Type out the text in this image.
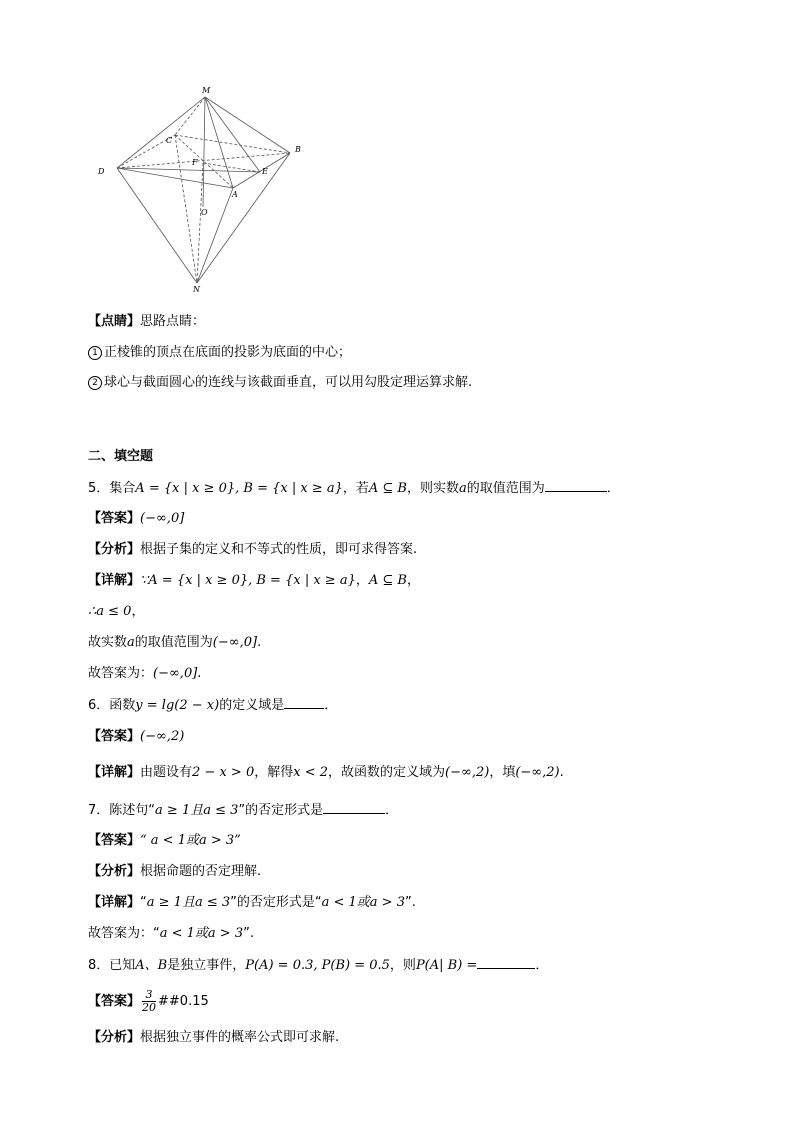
M
B
C
F
D	E
A
O
N
【点睛】思路点睛：
1 正棱锥的顶点在底面的投影为底面的中心；
2 球心与截面圆心的连线与该截面垂直，可以用勾股定理运算求解.
二、填空题
5．集合A = {x | x ≥ 0}, B = {x | x ≥ a}，若A ⊆ B，则实数a的取值范围为	．
【答案】(−∞,0]
【分析】根据子集的定义和不等式的性质，即可求得答案.
【详解】∵A = {x | x ≥ 0}, B = {x | x ≥ a}，A ⊆ B，
∴a ≤ 0，
故实数a的取值范围为(−∞,0].
故答案为：(−∞,0].
6．函数y = lg(2 − x)的定义域是	．
【答案】(−∞,2)
【详解】由题设有2 − x > 0，解得x < 2，故函数的定义域为(−∞,2)，填(−∞,2).
7．陈述句“a ≥ 1且a ≤ 3”的否定形式是	．
【答案】“ a < 1或a > 3”
【分析】根据命题的否定理解.
【详解】“a ≥ 1且a ≤ 3”的否定形式是“a < 1或a > 3”.
故答案为：“a < 1或a > 3”.
8．已知A、B是独立事件，P(A) = 0.3, P(B) = 0.5，则P(A| B) =	．
【答案】 $\frac{3}{20}$ ##0.15
【分析】根据独立事件的概率公式即可求解.
